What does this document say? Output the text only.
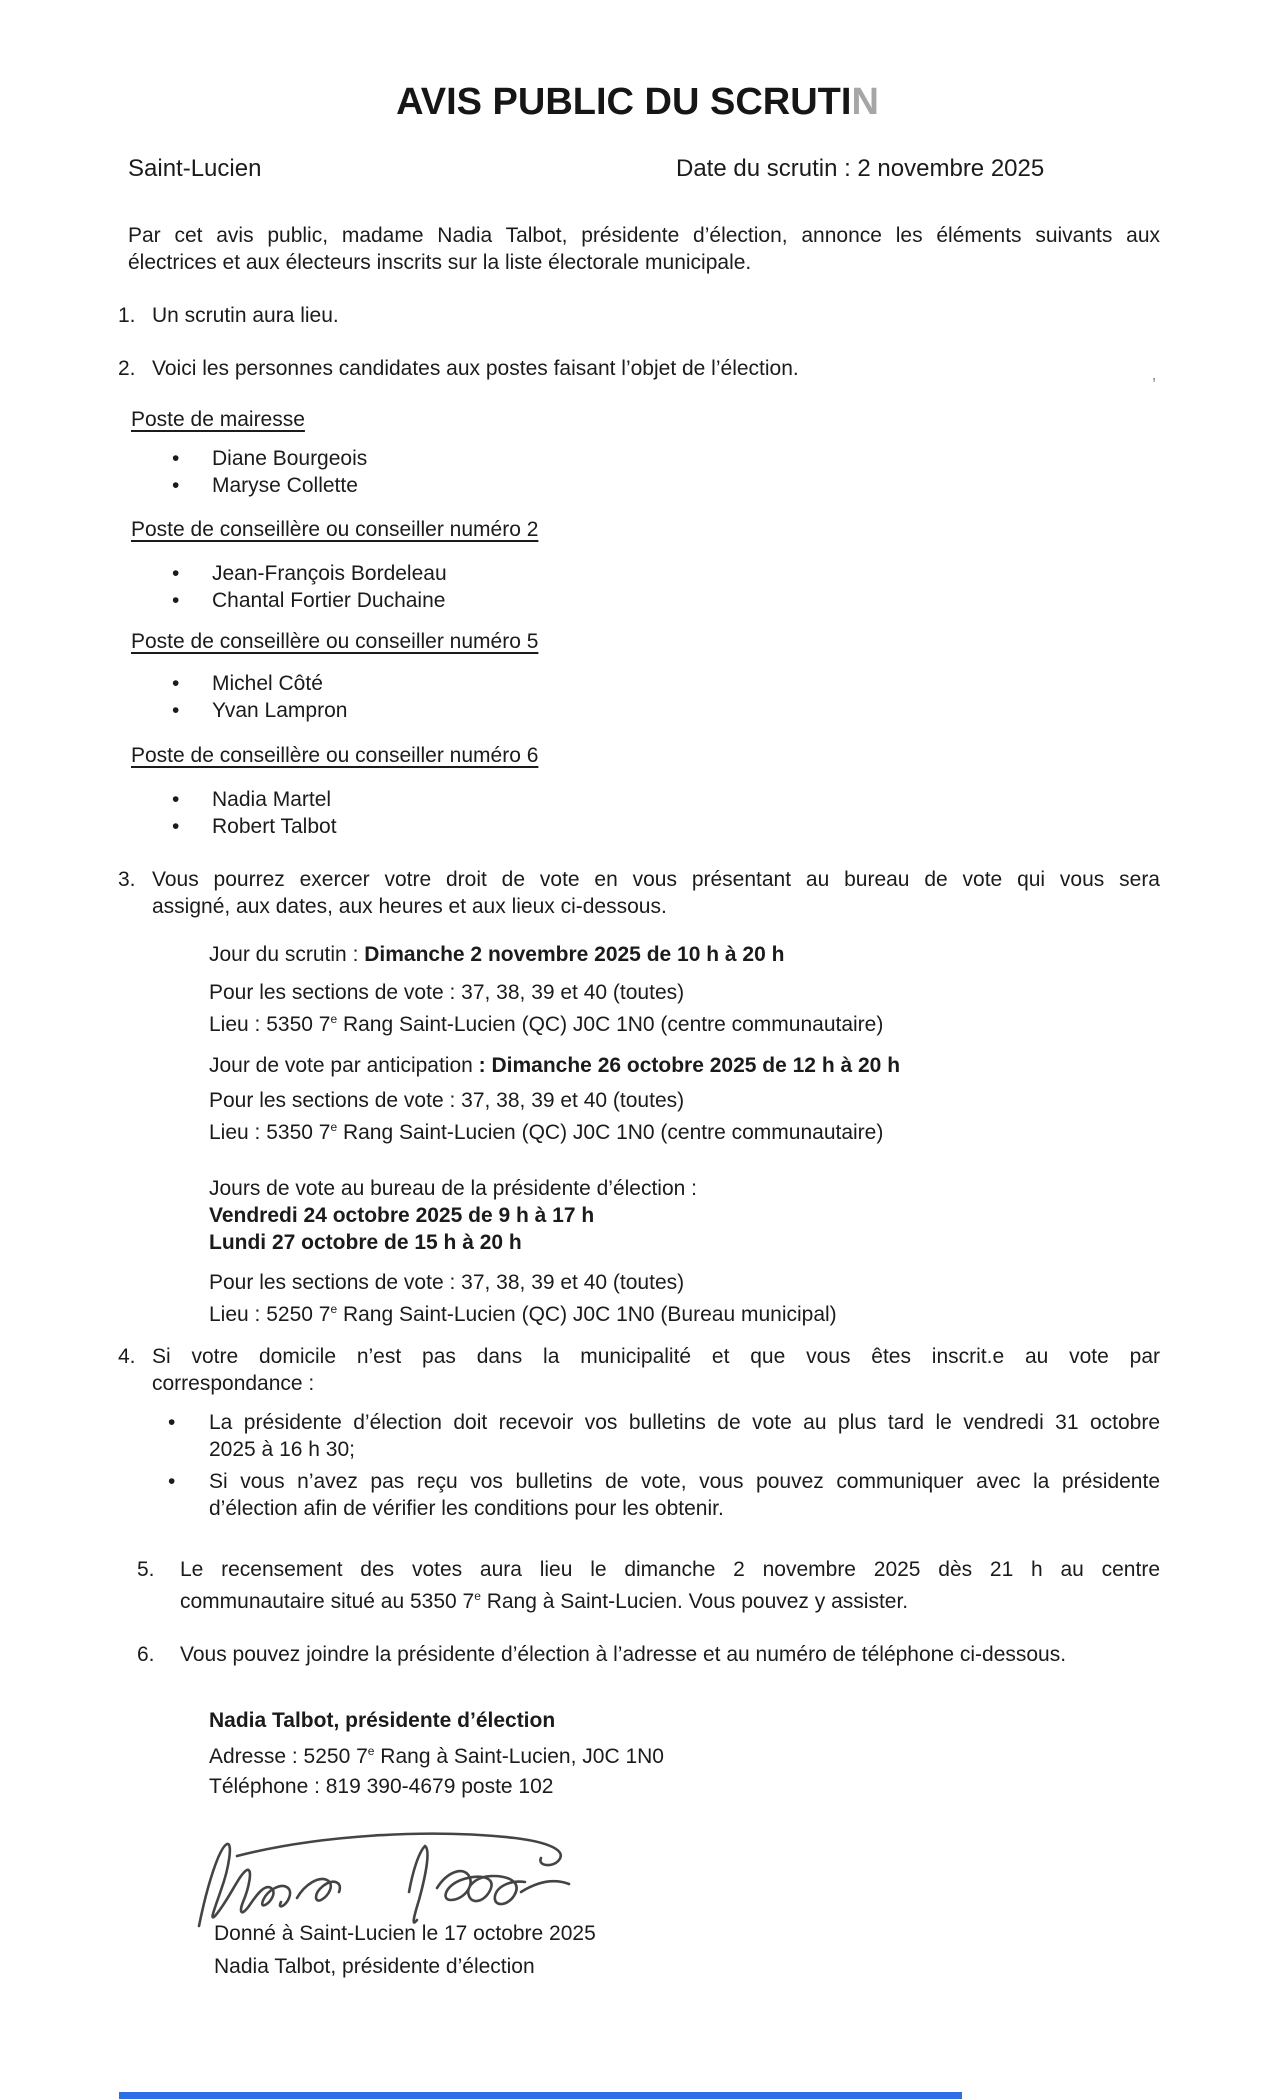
AVIS PUBLIC DU SCRUTIN
Saint-Lucien	Date du scrutin : 2 novembre 2025
Par cet avis public, madame Nadia Talbot, présidente d’élection, annonce les éléments suivants aux
électrices et aux électeurs inscrits sur la liste électorale municipale.
1. Un scrutin aura lieu.
2. Voici les personnes candidates aux postes faisant l’objet de l’élection.
Poste de mairesse
• Diane Bourgeois
• Maryse Collette
Poste de conseillère ou conseiller numéro 2
• Jean-François Bordeleau
• Chantal Fortier Duchaine
Poste de conseillère ou conseiller numéro 5
• Michel Côté
• Yvan Lampron
Poste de conseillère ou conseiller numéro 6
• Nadia Martel
• Robert Talbot
3. Vous pourrez exercer votre droit de vote en vous présentant au bureau de vote qui vous sera
assigné, aux dates, aux heures et aux lieux ci-dessous.
Jour du scrutin : Dimanche 2 novembre 2025 de 10 h à 20 h
Pour les sections de vote : 37, 38, 39 et 40 (toutes)
Lieu : 5350 7e Rang Saint-Lucien (QC) J0C 1N0 (centre communautaire)
Jour de vote par anticipation : Dimanche 26 octobre 2025 de 12 h à 20 h
Pour les sections de vote : 37, 38, 39 et 40 (toutes)
Lieu : 5350 7e Rang Saint-Lucien (QC) J0C 1N0 (centre communautaire)
Jours de vote au bureau de la présidente d’élection :
Vendredi 24 octobre 2025 de 9 h à 17 h
Lundi 27 octobre de 15 h à 20 h
Pour les sections de vote : 37, 38, 39 et 40 (toutes)
Lieu : 5250 7e Rang Saint-Lucien (QC) J0C 1N0 (Bureau municipal)
4. Si votre domicile n’est pas dans la municipalité et que vous êtes inscrit.e au vote par
correspondance :
• La présidente d’élection doit recevoir vos bulletins de vote au plus tard le vendredi 31 octobre
2025 à 16 h 30;
• Si vous n’avez pas reçu vos bulletins de vote, vous pouvez communiquer avec la présidente
d’élection afin de vérifier les conditions pour les obtenir.
5.	Le recensement des votes aura lieu le dimanche 2 novembre 2025 dès 21 h au centre
communautaire situé au 5350 7e Rang à Saint-Lucien. Vous pouvez y assister.
6. Vous pouvez joindre la présidente d’élection à l’adresse et au numéro de téléphone ci-dessous.
Nadia Talbot, présidente d’élection
Adresse : 5250 7e Rang à Saint-Lucien, J0C 1N0
Téléphone : 819 390-4679 poste 102
Donné à Saint-Lucien le 17 octobre 2025
Nadia Talbot, présidente d’élection
’
